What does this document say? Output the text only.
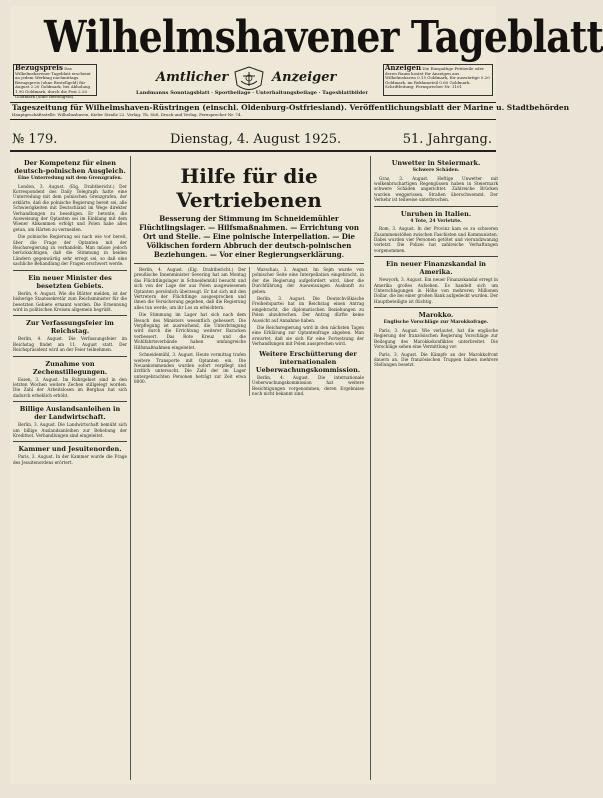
Wilhelmshavener Tageblatt
Bezugspreis Das Wilhelmshavener Tageblatt erscheint an jedem Werktag nachmittags. Bezugspreis (ohne Bestellgeld) für August 2.20 Goldmark, bei Abholung 1.90 Goldmark, durch die Post 2.20 Goldmark (ohne Bestellgeld).
Amtlicher	Anzeiger
Anzeigen Die Einspaltige Petitzeile oder deren Raum kostet für Anzeigen aus Wilhelmshaven 0.15 Goldmark, für auswärtige 0.20 Goldmark, im Reklameteil 0.60 Goldmark. Schriftleitung: Fernsprecher Nr. 1101
Landmanns Sonntagsblatt · Sportbeilage · Unterhaltungsbeilage · Tagesblattbilder
Tageszeitung für Wilhelmshaven-Rüstringen (einschl. Oldenburg-Ostfriesland). Veröffentlichungsblatt der Marine u. Stadtbehörden
Hauptgeschäftsstelle: Wilhelmshaven, Kieler Straße 22. Verlag: Th. Süß. Druck und Verlag. Fernsprecher Nr. 74.
№ 179.	Dienstag, 4. August 1925.	51. Jahrgang.
Der Kompetenz für einen deutsch-polnischen Ausgleich.
Eine Unterredung mit dem Grenzgrafen.

London, 3. August. (Eig. Drahtbericht.) Der Korrespondent des Daily Telegraph hatte eine Unterredung mit dem polnischen Grenzgrafen, der erklärte, daß die polnische Regierung bereit sei, alle Schwierigkeiten mit Deutschland im Wege direkter Verhandlungen zu beseitigen. Er betonte, die Ausweisung der Optanten sei im Einklang mit dem Wiener Abkommen erfolgt und Polen habe alles getan, um Härten zu vermeiden.

Die polnische Regierung sei nach wie vor bereit, über die Frage der Optanten mit der Reichsregierung zu verhandeln. Man müsse jedoch berücksichtigen, daß die Stimmung in beiden Ländern gegenwärtig sehr erregt sei, so daß eine sachliche Behandlung der Fragen erschwert werde.

Ein neuer Minister des besetzten Gebiets.

Berlin, 4. August. Wie die Blätter melden, ist der bisherige Staatssekretär zum Reichsminister für die besetzten Gebiete ernannt worden. Die Ernennung wird in politischen Kreisen allgemein begrüßt.

Zur Verfassungsfeier im Reichstag.

Berlin, 4. August. Die Verfassungsfeier im Reichstag findet am 11. August statt. Der Reichspräsident wird an der Feier teilnehmen.

Zunahme von Zechenstillegungen.

Essen, 3. August. Im Ruhrgebiet sind in den letzten Wochen weitere Zechen stillgelegt worden. Die Zahl der Arbeitslosen im Bergbau hat sich dadurch erheblich erhöht.

Billige Auslandsanleihen in der Landwirtschaft.

Berlin, 3. August. Die Landwirtschaft bemüht sich um billige Auslandsanleihen zur Behebung der Kreditnot. Verhandlungen sind eingeleitet.

Kammer und Jesuitenorden.

Paris, 3. August. In der Kammer wurde die Frage des Jesuitenordens erörtert.

Hilfe für die Vertriebenen
Besserung der Stimmung im Schneidemühler Flüchtlingslager. — Hilfsmaßnahmen. — Errichtung von Ort und Stelle. — Eine polnische Interpellation. — Die Völkischen fordern Abbruch der deutsch-polnischen Beziehungen. — Vor einer Regierungserklärung.

Berlin, 4. August. (Eig. Drahtbericht.) Der preußische Innenminister Severing hat am Montag das Flüchtlingslager in Schneidemühl besucht und sich von der Lage der aus Polen ausgewiesenen Optanten persönlich überzeugt. Er hat sich mit den Vertretern der Flüchtlinge ausgesprochen und ihnen die Versicherung gegeben, daß die Regierung alles tun werde, um ihr Los zu erleichtern.

Die Stimmung im Lager hat sich nach dem Besuch des Ministers wesentlich gebessert. Die Verpflegung ist ausreichend, die Unterbringung wird durch die Errichtung weiterer Baracken verbessert. Das Rote Kreuz und die Wohlfahrtsverbände haben umfangreiche Hilfsmaßnahmen eingeleitet.

Schneidemühl, 3. August. Heute vormittag trafen weitere Transporte mit Optanten ein. Die Neuankommenden wurden sofort verpflegt und ärztlich untersucht. Die Zahl der im Lager untergebrachten Personen beträgt zur Zeit etwa 8000.

Warschau, 3. August. Im Sejm wurde von polnischer Seite eine Interpellation eingebracht, in der die Regierung aufgefordert wird, über die Durchführung der Ausweisungen Auskunft zu geben.

Berlin, 3. August. Die Deutschvölkische Freiheitspartei hat im Reichstag einen Antrag eingebracht, die diplomatischen Beziehungen zu Polen abzubrechen. Der Antrag dürfte keine Aussicht auf Annahme haben.

Die Reichsregierung wird in den nächsten Tagen eine Erklärung zur Optantenfrage abgeben. Man erwartet, daß sie sich für eine Fortsetzung der Verhandlungen mit Polen aussprechen wird.

Weitere Erschütterung der internationalen Ueberwachungskommission.

Berlin, 4. August. Die internationale Ueberwachungskommission hat weitere Besichtigungen vorgenommen, deren Ergebnisse noch nicht bekannt sind.

Unwetter in Steiermark.
Schwere Schäden.

Graz, 3. August. Heftige Unwetter mit wolkenbruchartigen Regengüssen haben in Steiermark schwere Schäden angerichtet. Zahlreiche Brücken wurden weggerissen, Straßen überschwemmt. Der Verkehr ist teilweise unterbrochen.

Unruhen in Italien.
4 Tote, 24 Verletzte.

Rom, 3. August. In der Provinz kam es zu schweren Zusammenstößen zwischen Faschisten und Kommunisten. Dabei wurden vier Personen getötet und vierundzwanzig verletzt. Die Polizei hat zahlreiche Verhaftungen vorgenommen.

Ein neuer Finanzskandal in Amerika.

Newyork, 3. August. Ein neuer Finanzskandal erregt in Amerika großes Aufsehen. Es handelt sich um Unterschlagungen in Höhe von mehreren Millionen Dollar, die bei einer großen Bank aufgedeckt wurden. Der Hauptbeteiligte ist flüchtig.

Marokko.
Englische Vorschläge zur Marokkofrage.

Paris, 3. August. Wie verlautet, hat die englische Regierung der französischen Regierung Vorschläge zur Beilegung des Marokkokonfliktes unterbreitet. Die Vorschläge sehen eine Vermittlung vor.

Paris, 3. August. Die Kämpfe an der Marokkofront dauern an. Die französischen Truppen haben mehrere Stellungen besetzt.
